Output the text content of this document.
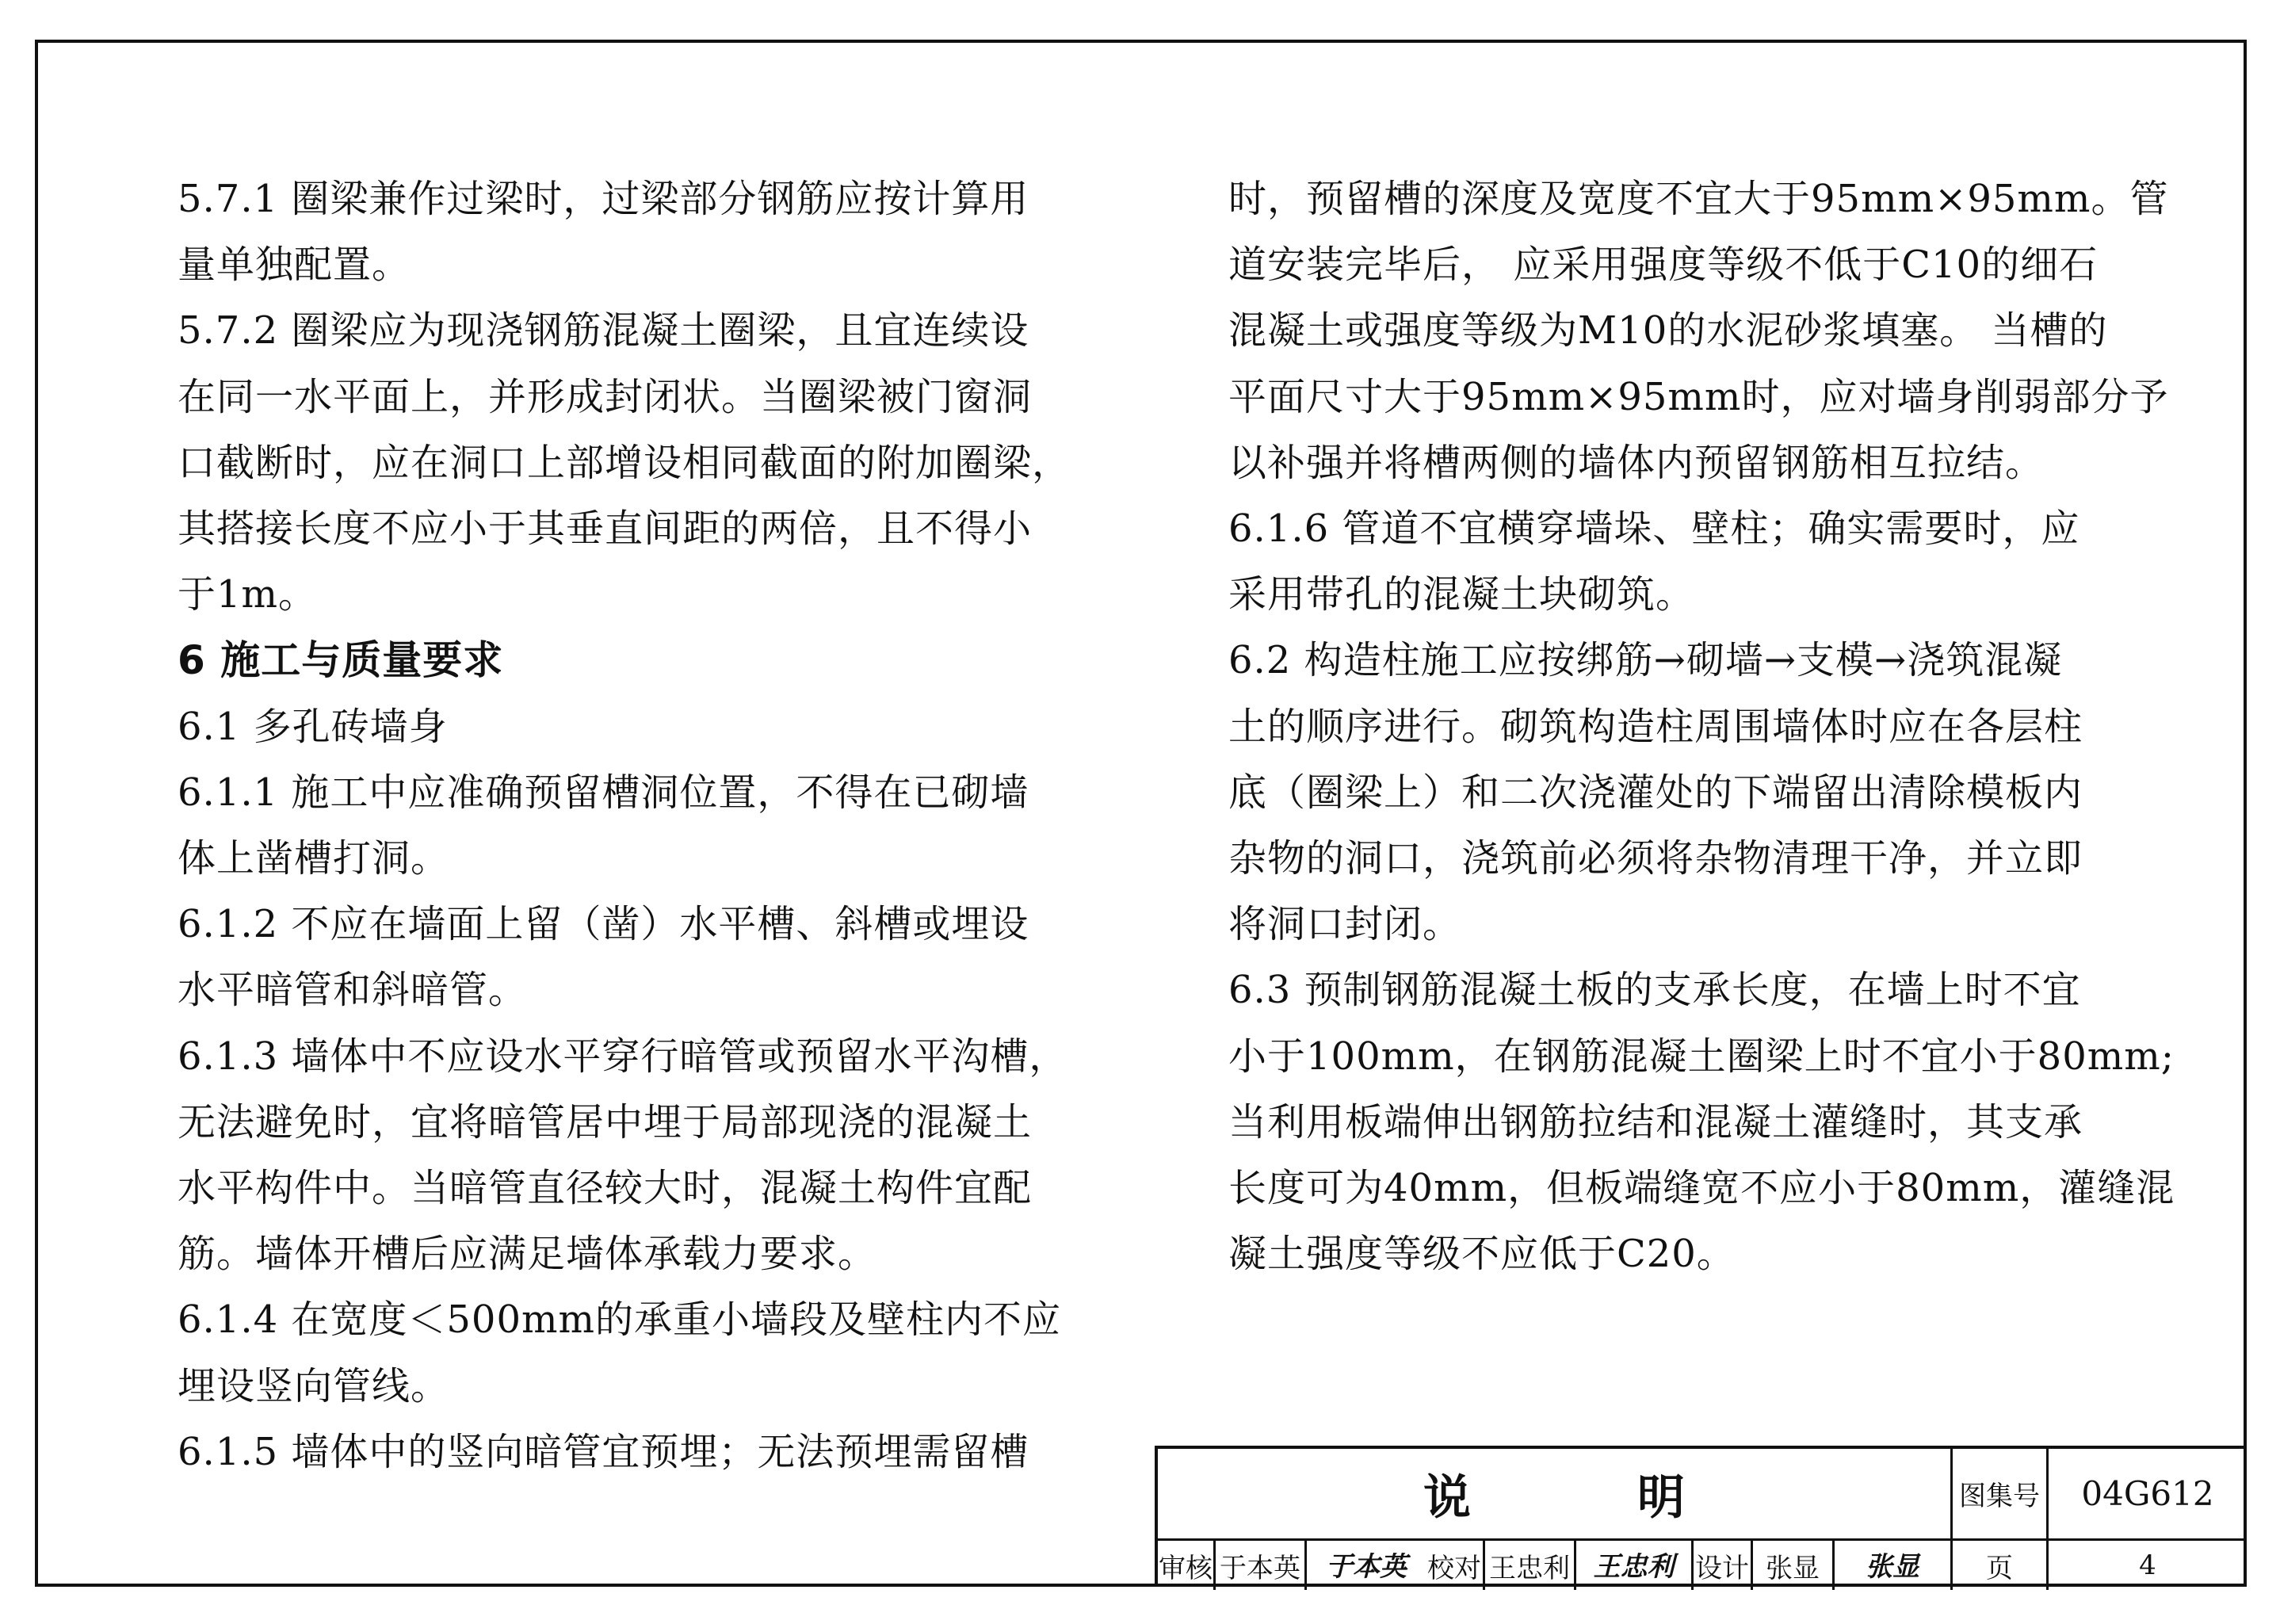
5.7.1 圈梁兼作过梁时，过梁部分钢筋应按计算用

量单独配置。

5.7.2 圈梁应为现浇钢筋混凝土圈梁，且宜连续设

在同一水平面上，并形成封闭状。当圈梁被门窗洞

口截断时，应在洞口上部增设相同截面的附加圈梁，

其搭接长度不应小于其垂直间距的两倍，且不得小

于1m。

6 施工与质量要求

6.1 多孔砖墙身

6.1.1 施工中应准确预留槽洞位置，不得在已砌墙

体上凿槽打洞。

6.1.2 不应在墙面上留（凿）水平槽、斜槽或埋设

水平暗管和斜暗管。

6.1.3 墙体中不应设水平穿行暗管或预留水平沟槽，

无法避免时，宜将暗管居中埋于局部现浇的混凝土

水平构件中。当暗管直径较大时，混凝土构件宜配

筋。墙体开槽后应满足墙体承载力要求。

6.1.4 在宽度＜500mm的承重小墙段及壁柱内不应

埋设竖向管线。

6.1.5 墙体中的竖向暗管宜预埋；无法预埋需留槽

时，预留槽的深度及宽度不宜大于95mm×95mm。管

道安装完毕后， 应采用强度等级不低于C10的细石

混凝土或强度等级为M10的水泥砂浆填塞。 当槽的

平面尺寸大于95mm×95mm时，应对墙身削弱部分予

以补强并将槽两侧的墙体内预留钢筋相互拉结。

6.1.6 管道不宜横穿墙垛、壁柱；确实需要时，应

采用带孔的混凝土块砌筑。

6.2 构造柱施工应按绑筋→砌墙→支模→浇筑混凝

土的顺序进行。砌筑构造柱周围墙体时应在各层柱

底（圈梁上）和二次浇灌处的下端留出清除模板内

杂物的洞口，浇筑前必须将杂物清理干净，并立即

将洞口封闭。

6.3 预制钢筋混凝土板的支承长度，在墙上时不宜

小于100mm，在钢筋混凝土圈梁上时不宜小于80mm;

当利用板端伸出钢筋拉结和混凝土灌缝时，其支承

长度可为40mm，但板端缝宽不应小于80mm，灌缝混

凝土强度等级不应低于C20。

说	明	图集号	04G612
审核 于本英 于本英 校对 王忠利 王忠利 设计 张显	张显	页	4
